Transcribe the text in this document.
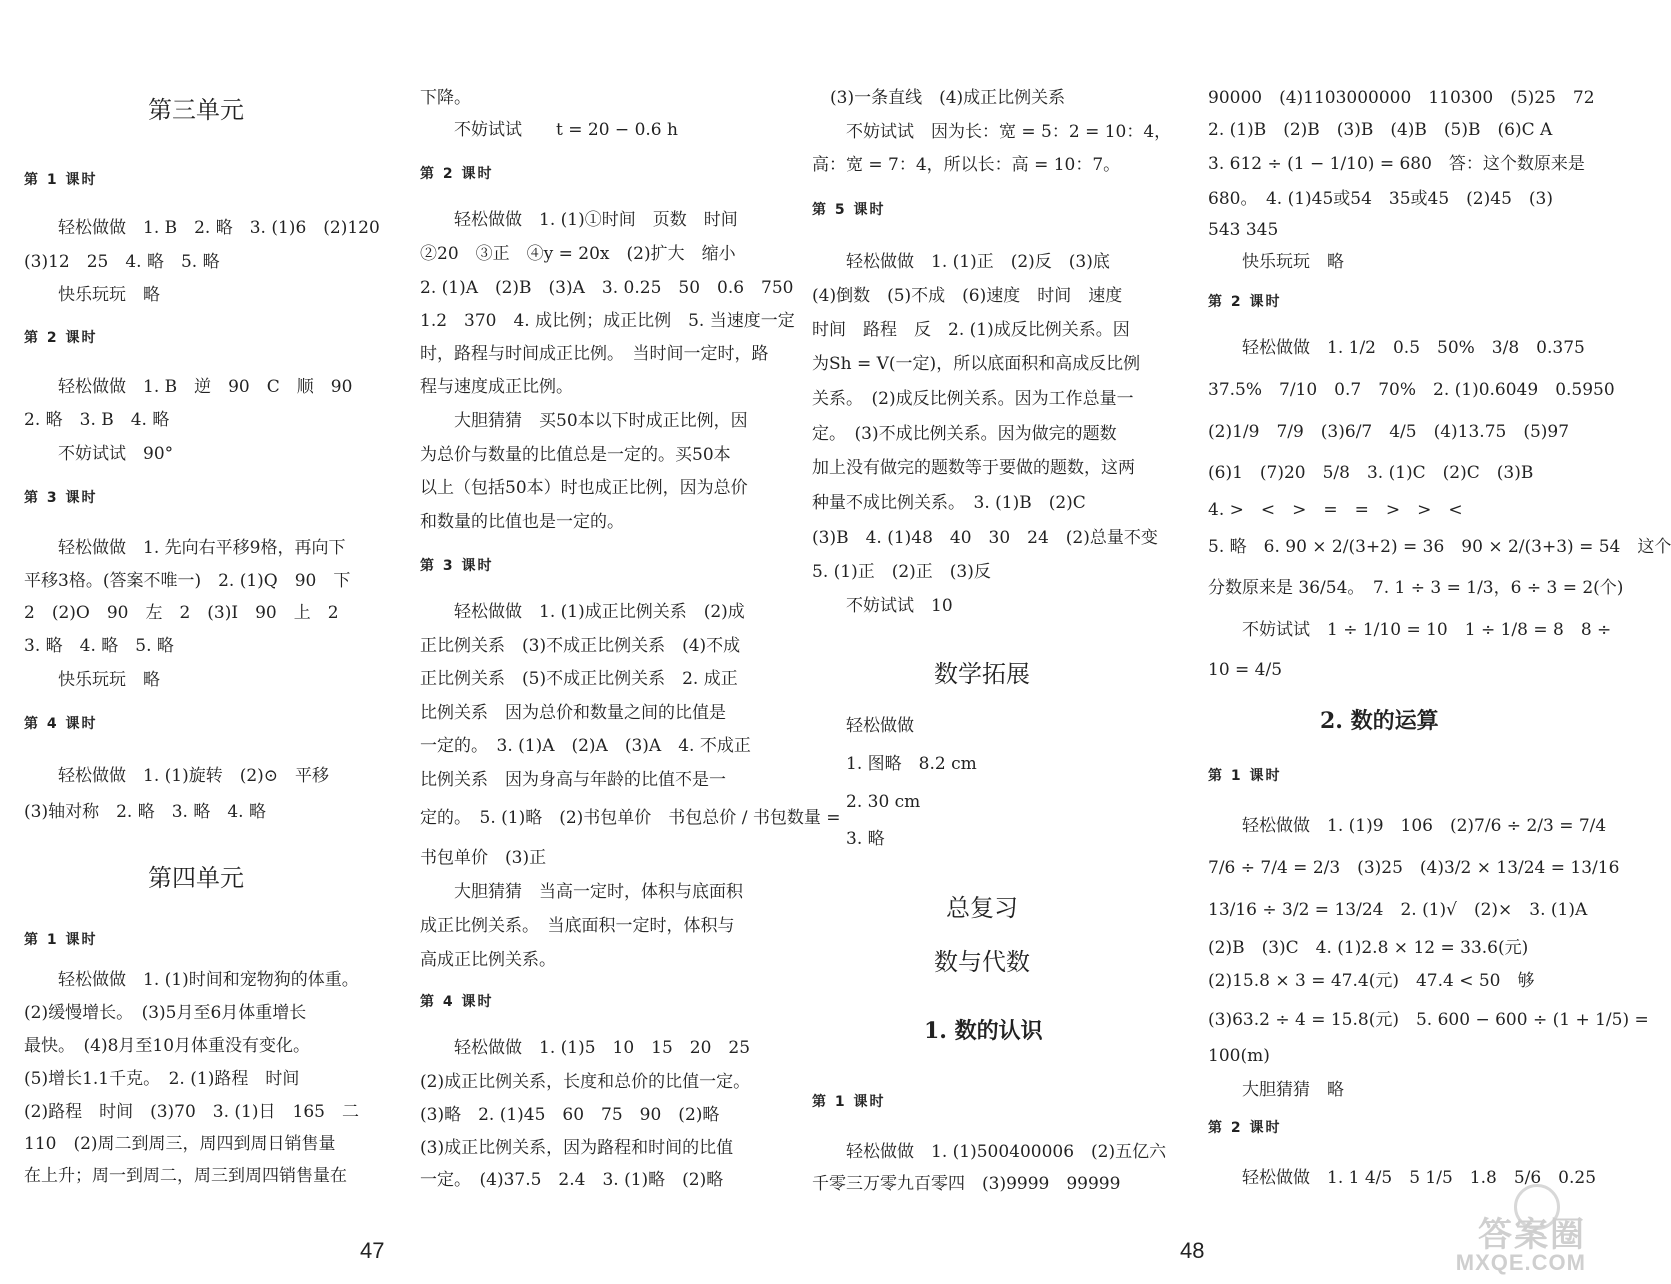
第三单元
第 1 课时
轻松做做　1. B　2. 略　3. (1)6　(2)120
(3)12　25　4. 略　5. 略
快乐玩玩　略
第 2 课时
轻松做做　1. B　逆　90　C　顺　90
2. 略　3. B　4. 略
不妨试试　90°
第 3 课时
轻松做做　1. 先向右平移9格，再向下
平移3格。(答案不唯一)　2. (1)Q　90　下
2　(2)O　90　左　2　(3)I　90　上　2
3. 略　4. 略　5. 略
快乐玩玩　略
第 4 课时
轻松做做　1. (1)旋转　(2)⊙　平移
(3)轴对称　2. 略　3. 略　4. 略
第四单元
第 1 课时
轻松做做　1. (1)时间和宠物狗的体重。
(2)缓慢增长。　(3)5月至6月体重增长
最快。　(4)8月至10月体重没有变化。
(5)增长1.1千克。　2. (1)路程　时间
(2)路程　时间　(3)70　3. (1)日　165　二
110　(2)周二到周三，周四到周日销售量
在上升；周一到周二，周三到周四销售量在
下降。
不妨试试　　t = 20 − 0.6 h
第 2 课时
轻松做做　1. (1)①时间　页数　时间
②20　③正　④y = 20x　(2)扩大　缩小
2. (1)A　(2)B　(3)A　3. 0.25　50　0.6　750
1.2　370　4. 成比例；成正比例　5. 当速度一定
时，路程与时间成正比例。　当时间一定时，路
程与速度成正比例。
大胆猜猜　买50本以下时成正比例，因
为总价与数量的比值总是一定的。买50本
以上（包括50本）时也成正比例，因为总价
和数量的比值也是一定的。
第 3 课时
轻松做做　1. (1)成正比例关系　(2)成
正比例关系　(3)不成正比例关系　(4)不成
正比例关系　(5)不成正比例关系　2. 成正
比例关系　因为总价和数量之间的比值是
一定的。　3. (1)A　(2)A　(3)A　4. 不成正
比例关系　因为身高与年龄的比值不是一
定的。　5. (1)略　(2)书包单价　书包总价 / 书包数量 =
书包单价　(3)正
大胆猜猜　当高一定时，体积与底面积
成正比例关系。　当底面积一定时，体积与
高成正比例关系。
第 4 课时
轻松做做　1. (1)5　10　15　20　25
(2)成正比例关系，长度和总价的比值一定。
(3)略　2. (1)45　60　75　90　(2)略
(3)成正比例关系，因为路程和时间的比值
一定。　(4)37.5　2.4　3. (1)略　(2)略
(3)一条直线　(4)成正比例关系
不妨试试　因为长：宽 = 5：2 = 10：4，
高：宽 = 7：4，所以长：高 = 10：7。
第 5 课时
轻松做做　1. (1)正　(2)反　(3)底
(4)倒数　(5)不成　(6)速度　时间　速度
时间　路程　反　2. (1)成反比例关系。因
为Sh = V(一定)，所以底面积和高成反比例
关系。　(2)成反比例关系。因为工作总量一
定。　(3)不成比例关系。因为做完的题数
加上没有做完的题数等于要做的题数，这两
种量不成比例关系。　3. (1)B　(2)C
(3)B　4. (1)48　40　30　24　(2)总量不变
5. (1)正　(2)正　(3)反
不妨试试　10
数学拓展
轻松做做
1. 图略　8.2 cm
2. 30 cm
3. 略
总复习
数与代数
1. 数的认识
第 1 课时
轻松做做　1. (1)500400006　(2)五亿六
千零三万零九百零四　(3)9999　99999
90000　(4)1103000000　110300　(5)25　72
2. (1)B　(2)B　(3)B　(4)B　(5)B　(6)C A
3. 612 ÷ (1 − 1/10) = 680　答：这个数原来是
680。　4. (1)45或54　35或45　(2)45　(3)
543 345
快乐玩玩　略
第 2 课时
轻松做做　1. 1/2　0.5　50%　3/8　0.375
37.5%　7/10　0.7　70%　2. (1)0.6049　0.5950
(2)1/9　7/9　(3)6/7　4/5　(4)13.75　(5)97
(6)1　(7)20　5/8　3. (1)C　(2)C　(3)B
4. >　<　>　=　=　>　>　<
5. 略　6. 90 × 2/(3+2) = 36　90 × 2/(3+3) = 54　这个
分数原来是 36/54。　7. 1 ÷ 3 = 1/3，6 ÷ 3 = 2(个)
不妨试试　1 ÷ 1/10 = 10　1 ÷ 1/8 = 8　8 ÷
10 = 4/5
2. 数的运算
第 1 课时
轻松做做　1. (1)9　106　(2)7/6 ÷ 2/3 = 7/4
7/6 ÷ 7/4 = 2/3　(3)25　(4)3/2 × 13/24 = 13/16
13/16 ÷ 3/2 = 13/24　2. (1)√　(2)×　3. (1)A
(2)B　(3)C　4. (1)2.8 × 12 = 33.6(元)
(2)15.8 × 3 = 47.4(元)　47.4 < 50　够
(3)63.2 ÷ 4 = 15.8(元)　5. 600 − 600 ÷ (1 + 1/5) =
100(m)
大胆猜猜　略
第 2 课时
轻松做做　1. 1 4/5　5 1/5　1.8　5/6　0.25
47	48	答案圈
MXQE.COM
